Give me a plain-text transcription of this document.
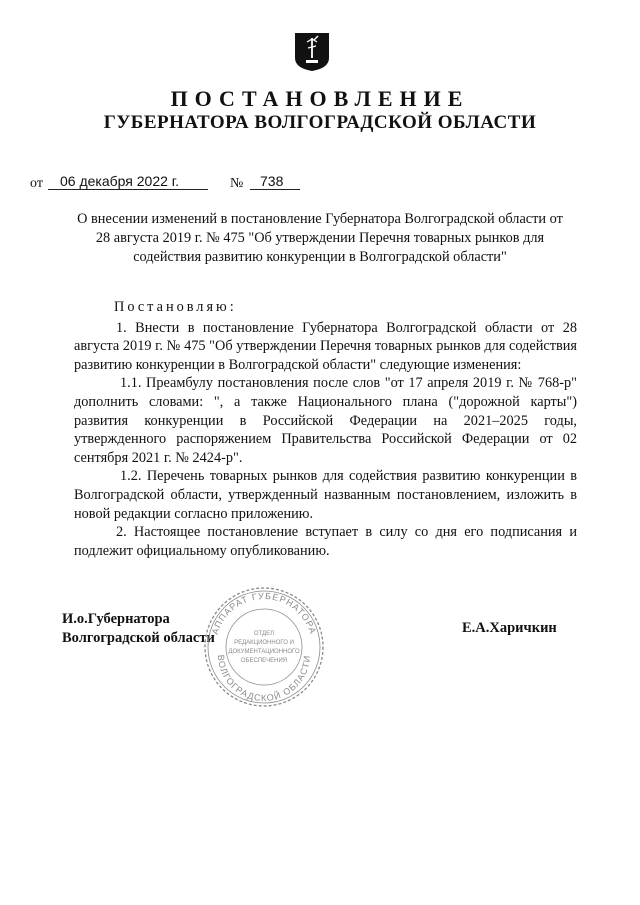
ПОСТАНОВЛЕНИЕ
ГУБЕРНАТОРА ВОЛГОГРАДСКОЙ ОБЛАСТИ
от	06 декабря 2022 г.	№	738
О внесении изменений в постановление Губернатора Волгоградской области от 28 августа 2019 г. № 475 "Об утверждении Перечня товарных рынков для содействия развитию конкуренции в Волгоградской области"

Постановляю:

1. Внести в постановление Губернатора Волгоградской области от 28 августа 2019 г. № 475 "Об утверждении Перечня товарных рынков для содействия развитию конкуренции в Волгоградской области" следующие изменения:

1.1. Преамбулу постановления после слов "от 17 апреля 2019 г. № 768-р" дополнить словами: ", а также Национального плана ("дорожной карты") развития конкуренции в Российской Федерации на 2021–2025 годы, утвержденного распоряжением Правительства Российской Федерации от 02 сентября 2021 г. № 2424-р".

1.2. Перечень товарных рынков для содействия развитию конкуренции в Волгоградской области, утвержденный названным постановлением, изложить в новой редакции согласно приложению.

2. Настоящее постановление вступает в силу со дня его подписания и подлежит официальному опубликованию.

И.о.Губернатора
Волгоградской области
Е.А.Харичкин
АППАРАТ ГУБЕРНАТОРА
ВОЛГОГРАДСКОЙ ОБЛАСТИ
ОТДЕЛ
РЕДАКЦИОННОГО И
ДОКУМЕНТАЦИОННОГО
ОБЕСПЕЧЕНИЯ
